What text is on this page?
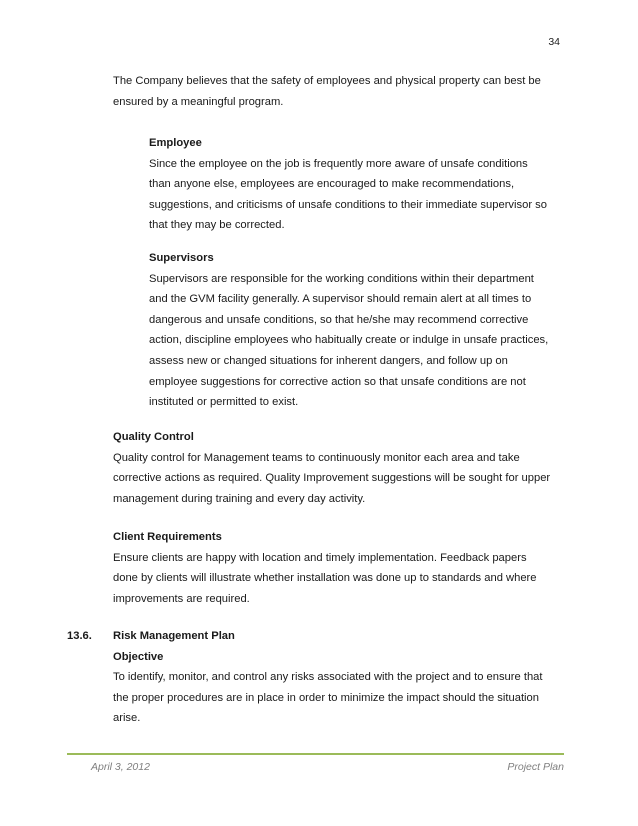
34

The Company believes that the safety of employees and physical property can best be

ensured by a meaningful program.

Employee

Since the employee on the job is frequently more aware of unsafe conditions

than anyone else, employees are encouraged to make recommendations,

suggestions, and criticisms of unsafe conditions to their immediate supervisor so

that they may be corrected.

Supervisors

Supervisors are responsible for the working conditions within their department

and the GVM facility generally. A supervisor should remain alert at all times to

dangerous and unsafe conditions, so that he/she may recommend corrective

action, discipline employees who habitually create or indulge in unsafe practices,

assess new or changed situations for inherent dangers, and follow up on

employee suggestions for corrective action so that unsafe conditions are not

instituted or permitted to exist.

Quality Control

Quality control for Management teams to continuously monitor each area and take

corrective actions as required. Quality Improvement suggestions will be sought for upper

management during training and every day activity.

Client Requirements

Ensure clients are happy with location and timely implementation. Feedback papers

done by clients will illustrate whether installation was done up to standards and where

improvements are required.

13.6. Risk Management Plan

Objective

To identify, monitor, and control any risks associated with the project and to ensure that

the proper procedures are in place in order to minimize the impact should the situation

arise.

April 3, 2012	Project Plan
